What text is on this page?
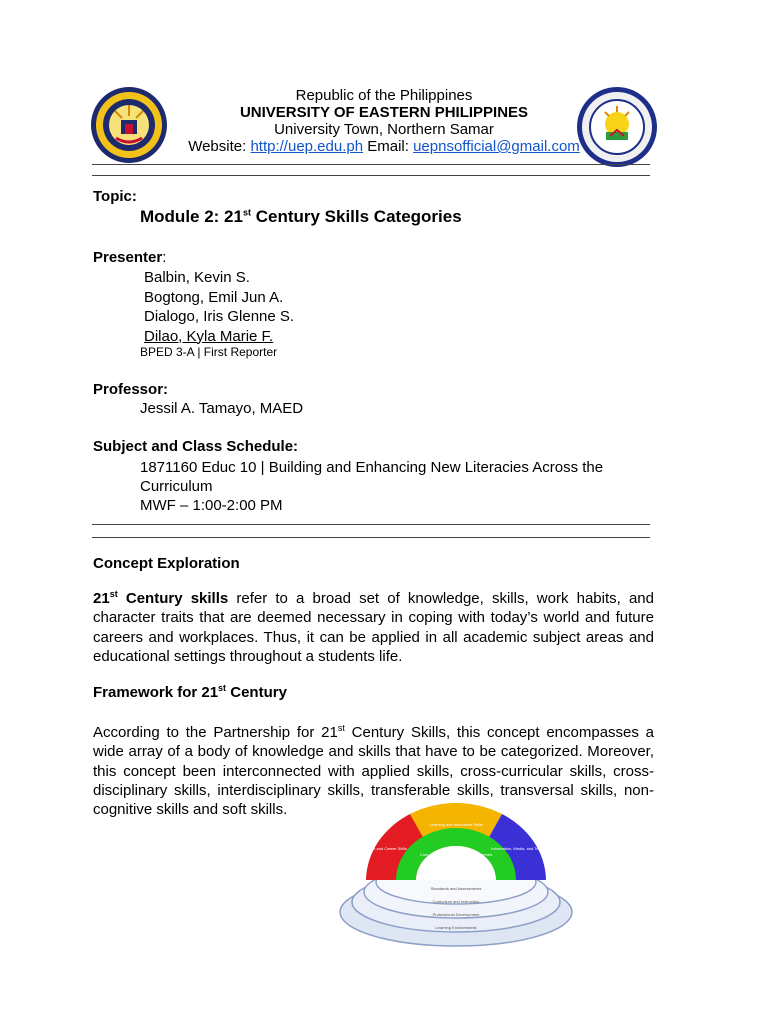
Republic of the Philippines
UNIVERSITY OF EASTERN PHILIPPINES
University Town, Northern Samar
Website: http://uep.edu.ph Email: uepnsofficial@gmail.com
Topic:
Module 2: 21st Century Skills Categories
Presenter:
Balbin, Kevin S.
Bogtong, Emil Jun A.
Dialogo, Iris Glenne S.
Dilao, Kyla Marie F.
BPED 3-A | First Reporter
Professor:
Jessil A. Tamayo, MAED
Subject and Class Schedule:
1871160 Educ 10 | Building and Enhancing New Literacies Across the
Curriculum
MWF – 1:00-2:00 PM
Concept Exploration
21st Century skills refer to a broad set of knowledge, skills, work habits, and character traits that are deemed necessary in coping with today’s world and future careers and workplaces. Thus, it can be applied in all academic subject areas and educational settings throughout a students life.
Framework for 21st Century
According to the Partnership for 21st Century Skills, this concept encompasses a wide array of a body of knowledge and skills that have to be categorized. Moreover, this concept been interconnected with applied skills, cross-curricular skills, cross- disciplinary skills, interdisciplinary skills, transferable skills, transversal skills, non-cognitive skills and soft skills.
Learning and Innovation Skills
Life and Career Skills	Information, Media, and Technology Skills
Core Subjects and 21st Century Themes
Standards and Assessments
Curriculum and Instruction
Professional Development
Learning Environments
